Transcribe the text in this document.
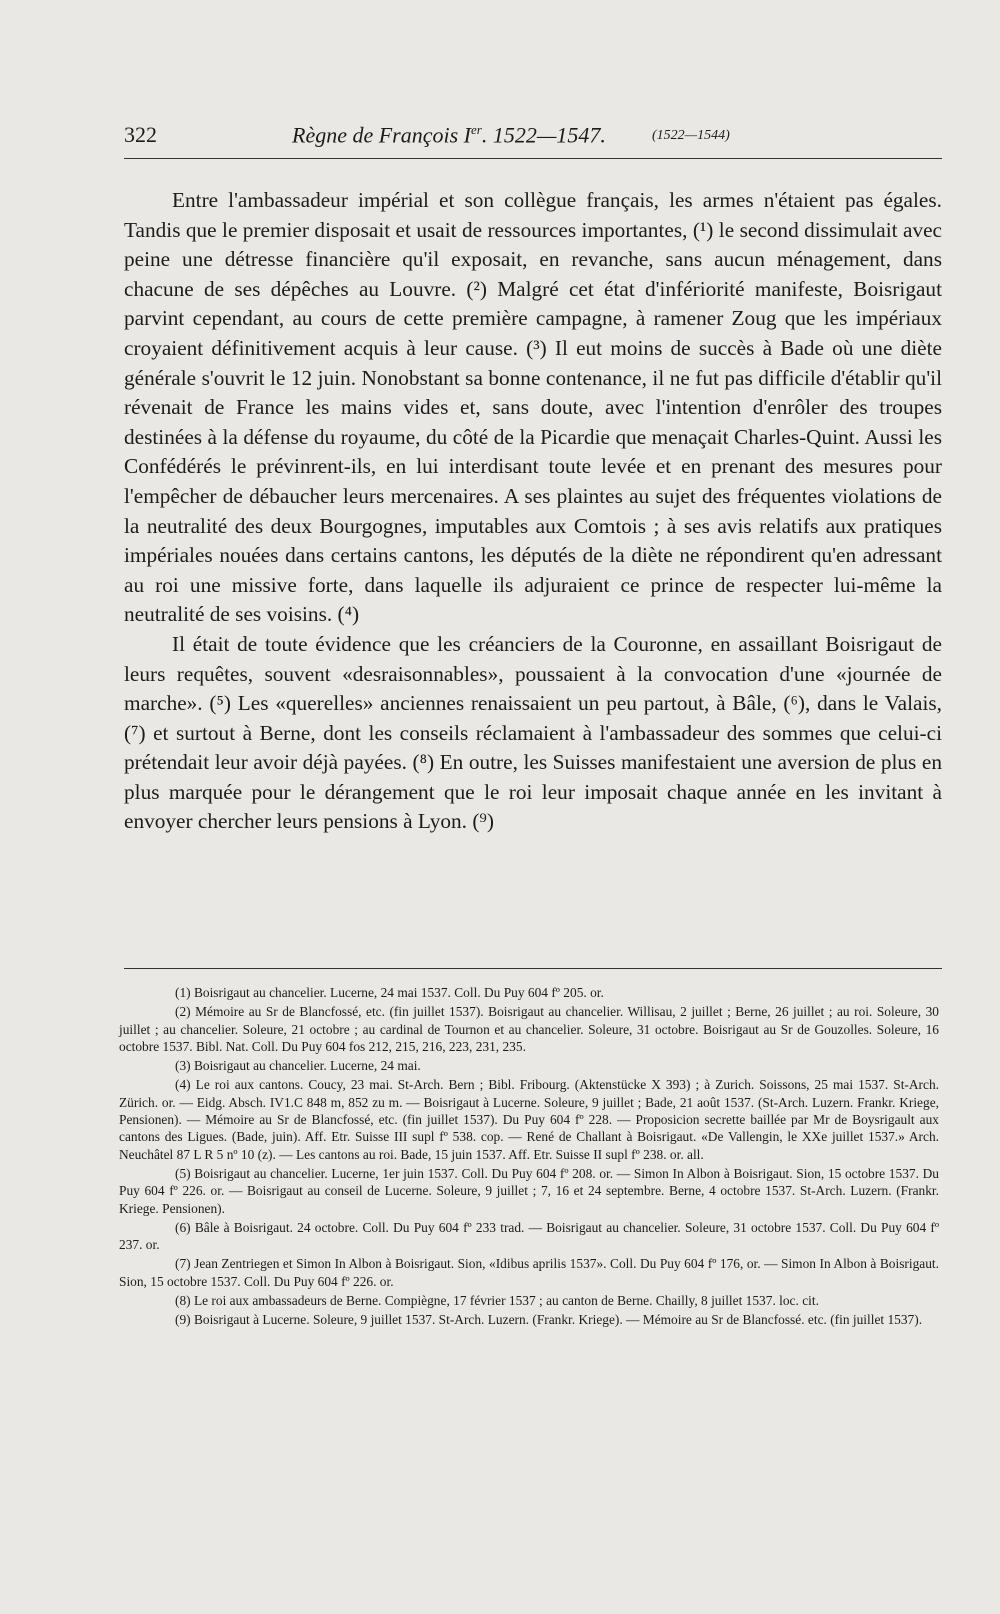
322	Règne de François Ier. 1522—1547.	(1522—1544)

Entre l'ambassadeur impérial et son collègue français, les armes n'étaient pas égales. Tandis que le premier disposait et usait de ressources importantes, (¹) le second dissimulait avec peine une détresse financière qu'il exposait, en revanche, sans aucun ménagement, dans chacune de ses dépêches au Louvre. (²) Malgré cet état d'infériorité manifeste, Boisrigaut parvint cependant, au cours de cette première campagne, à ramener Zoug que les impériaux croyaient définitivement acquis à leur cause. (³) Il eut moins de succès à Bade où une diète générale s'ouvrit le 12 juin. Nonobstant sa bonne contenance, il ne fut pas difficile d'établir qu'il révenait de France les mains vides et, sans doute, avec l'intention d'enrôler des troupes destinées à la défense du royaume, du côté de la Picardie que menaçait Charles-Quint. Aussi les Confédérés le prévinrent-ils, en lui interdisant toute levée et en prenant des mesures pour l'empêcher de débaucher leurs mercenaires. A ses plaintes au sujet des fréquentes violations de la neutralité des deux Bourgognes, imputables aux Comtois ; à ses avis relatifs aux pratiques impériales nouées dans certains cantons, les députés de la diète ne répondirent qu'en adressant au roi une missive forte, dans laquelle ils adjuraient ce prince de respecter lui-même la neutralité de ses voisins. (⁴)

Il était de toute évidence que les créanciers de la Couronne, en assaillant Boisrigaut de leurs requêtes, souvent «desraisonnables», poussaient à la convocation d'une «journée de marche». (⁵) Les «querelles» anciennes renaissaient un peu partout, à Bâle, (⁶), dans le Valais, (⁷) et surtout à Berne, dont les conseils réclamaient à l'ambassadeur des sommes que celui-ci prétendait leur avoir déjà payées. (⁸) En outre, les Suisses manifestaient une aversion de plus en plus marquée pour le dérangement que le roi leur imposait chaque année en les invitant à envoyer chercher leurs pensions à Lyon. (⁹)

(1) Boisrigaut au chancelier. Lucerne, 24 mai 1537. Coll. Du Puy 604 fº 205. or.

(2) Mémoire au Sr de Blancfossé, etc. (fin juillet 1537). Boisrigaut au chancelier. Willisau, 2 juillet ; Berne, 26 juillet ; au roi. Soleure, 30 juillet ; au chancelier. Soleure, 21 octobre ; au cardinal de Tournon et au chancelier. Soleure, 31 octobre. Boisrigaut au Sr de Gouzolles. Soleure, 16 octobre 1537. Bibl. Nat. Coll. Du Puy 604 fos 212, 215, 216, 223, 231, 235.

(3) Boisrigaut au chancelier. Lucerne, 24 mai.

(4) Le roi aux cantons. Coucy, 23 mai. St-Arch. Bern ; Bibl. Fribourg. (Aktenstücke X 393) ; à Zurich. Soissons, 25 mai 1537. St-Arch. Zürich. or. — Eidg. Absch. IV1.C 848 m, 852 zu m. — Boisrigaut à Lucerne. Soleure, 9 juillet ; Bade, 21 août 1537. (St-Arch. Luzern. Frankr. Kriege, Pensionen). — Mémoire au Sr de Blancfossé, etc. (fin juillet 1537). Du Puy 604 fº 228. — Proposicion secrette baillée par Mr de Boysrigault aux cantons des Ligues. (Bade, juin). Aff. Etr. Suisse III supl fº 538. cop. — René de Challant à Boisrigaut. «De Vallengin, le XXe juillet 1537.» Arch. Neuchâtel 87 L R 5 nº 10 (z). — Les cantons au roi. Bade, 15 juin 1537. Aff. Etr. Suisse II supl fº 238. or. all.

(5) Boisrigaut au chancelier. Lucerne, 1er juin 1537. Coll. Du Puy 604 fº 208. or. — Simon In Albon à Boisrigaut. Sion, 15 octobre 1537. Du Puy 604 fº 226. or. — Boisrigaut au conseil de Lucerne. Soleure, 9 juillet ; 7, 16 et 24 septembre. Berne, 4 octobre 1537. St-Arch. Luzern. (Frankr. Kriege. Pensionen).

(6) Bâle à Boisrigaut. 24 octobre. Coll. Du Puy 604 fº 233 trad. — Boisrigaut au chancelier. Soleure, 31 octobre 1537. Coll. Du Puy 604 fº 237. or.

(7) Jean Zentriegen et Simon In Albon à Boisrigaut. Sion, «Idibus aprilis 1537». Coll. Du Puy 604 fº 176, or. — Simon In Albon à Boisrigaut. Sion, 15 octobre 1537. Coll. Du Puy 604 fº 226. or.

(8) Le roi aux ambassadeurs de Berne. Compiègne, 17 février 1537 ; au canton de Berne. Chailly, 8 juillet 1537. loc. cit.

(9) Boisrigaut à Lucerne. Soleure, 9 juillet 1537. St-Arch. Luzern. (Frankr. Kriege). — Mémoire au Sr de Blancfossé. etc. (fin juillet 1537).
